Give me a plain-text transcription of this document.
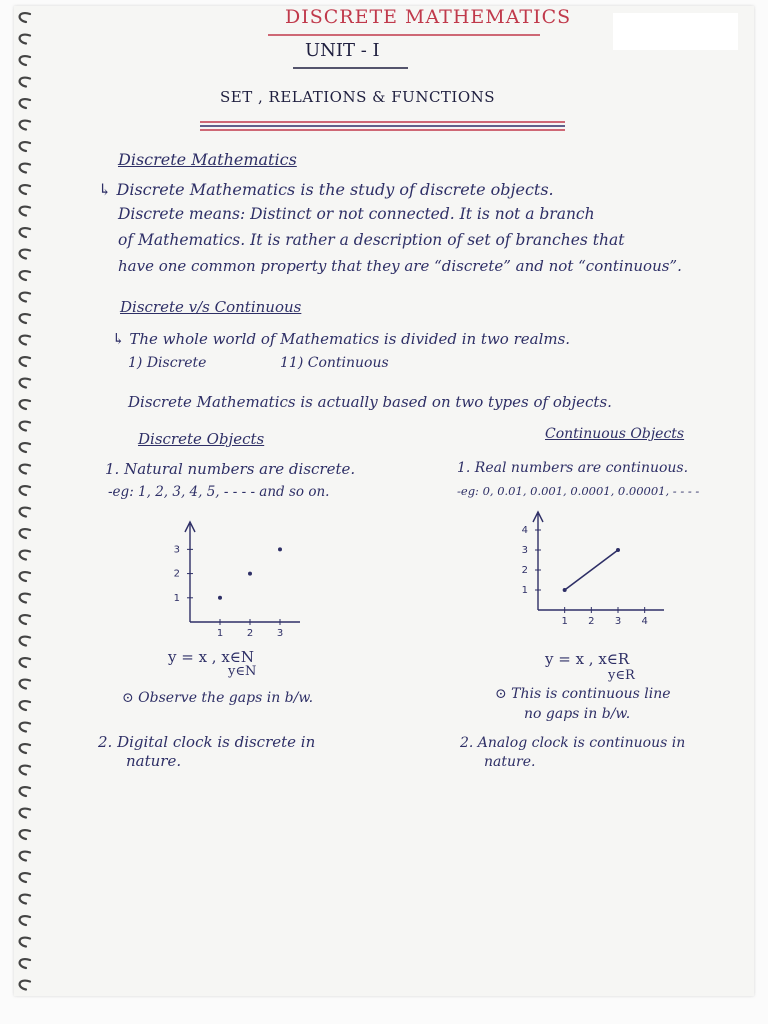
DISCRETE MATHEMATICS
UNIT - I
SET , RELATIONS & FUNCTIONS
Discrete Mathematics
↳ Discrete Mathematics is the study of discrete objects.
Discrete means: Distinct or not connected. It is not a branch
of Mathematics. It is rather a description of set of branches that
have one common property that they are “discrete” and not “continuous”.
Discrete v/s Continuous
↳ The whole world of Mathematics is divided in two realms.
1) Discrete	11) Continuous
Discrete Mathematics is actually based on two types of objects.
Discrete Objects
1. Natural numbers are discrete.
-eg: 1, 2, 3, 4, 5, - - - - and so on.
Continuous Objects
1. Real numbers are continuous.
-eg: 0, 0.01, 0.001, 0.0001, 0.00001, - - - -
1 2 3
1
2
3
1 2 3 4
1
2
3
4
y = x , x∈N
y∈N
y = x , x∈R
y∈R
⊙ Observe the gaps in b/w.	⊙ This is continuous line
no gaps in b/w.
2. Digital clock is discrete in
nature.
2. Analog clock is continuous in
nature.
